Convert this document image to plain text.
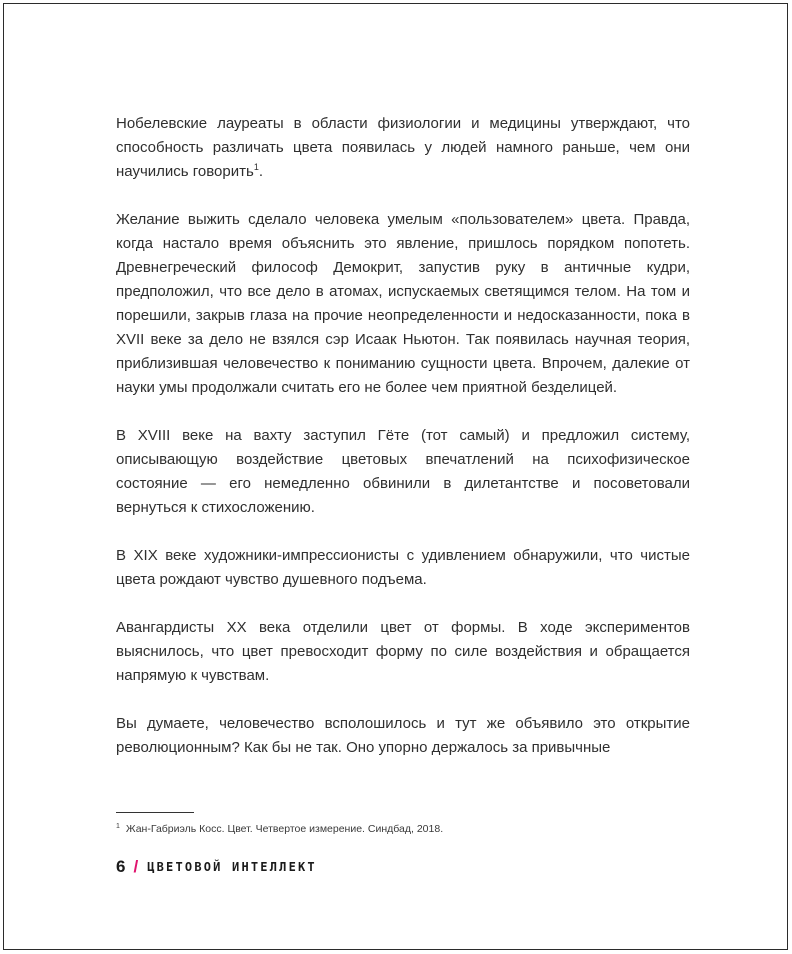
Нобелевские лауреаты в области физиологии и медицины утверждают, что способность различать цвета появилась у людей намного раньше, чем они научились говорить$^1$.

Желание выжить сделало человека умелым «пользователем» цвета. Правда, когда настало время объяснить это явление, пришлось порядком попотеть. Древнегреческий философ Демокрит, запустив руку в античные кудри, предположил, что все дело в атомах, испускаемых светящимся телом. На том и порешили, закрыв глаза на прочие неопределенности и недосказанности, пока в XVII веке за дело не взялся сэр Исаак Ньютон. Так появилась научная теория, приблизившая человечество к пониманию сущности цвета. Впрочем, далекие от науки умы продолжали считать его не более чем приятной безделицей.

В XVIII веке на вахту заступил Гёте (тот самый) и предложил систему, описывающую воздействие цветовых впечатлений на психофизическое состояние — его немедленно обвинили в дилетантстве и посоветовали вернуться к стихосложению.

В XIX веке художники-импрессионисты с удивлением обнаружили, что чистые цвета рождают чувство душевного подъема.

Авангардисты XX века отделили цвет от формы. В ходе экспериментов выяснилось, что цвет превосходит форму по силе воздействия и обращается напрямую к чувствам.

Вы думаете, человечество всполошилось и тут же объявило это открытие революционным? Как бы не так. Оно упорно держалось за привычные

$^1$ Жан-Габриэль Косс. Цвет. Четвертое измерение. Синдбад, 2018.
6 / ЦВЕТОВОЙ ИНТЕЛЛЕКТ
